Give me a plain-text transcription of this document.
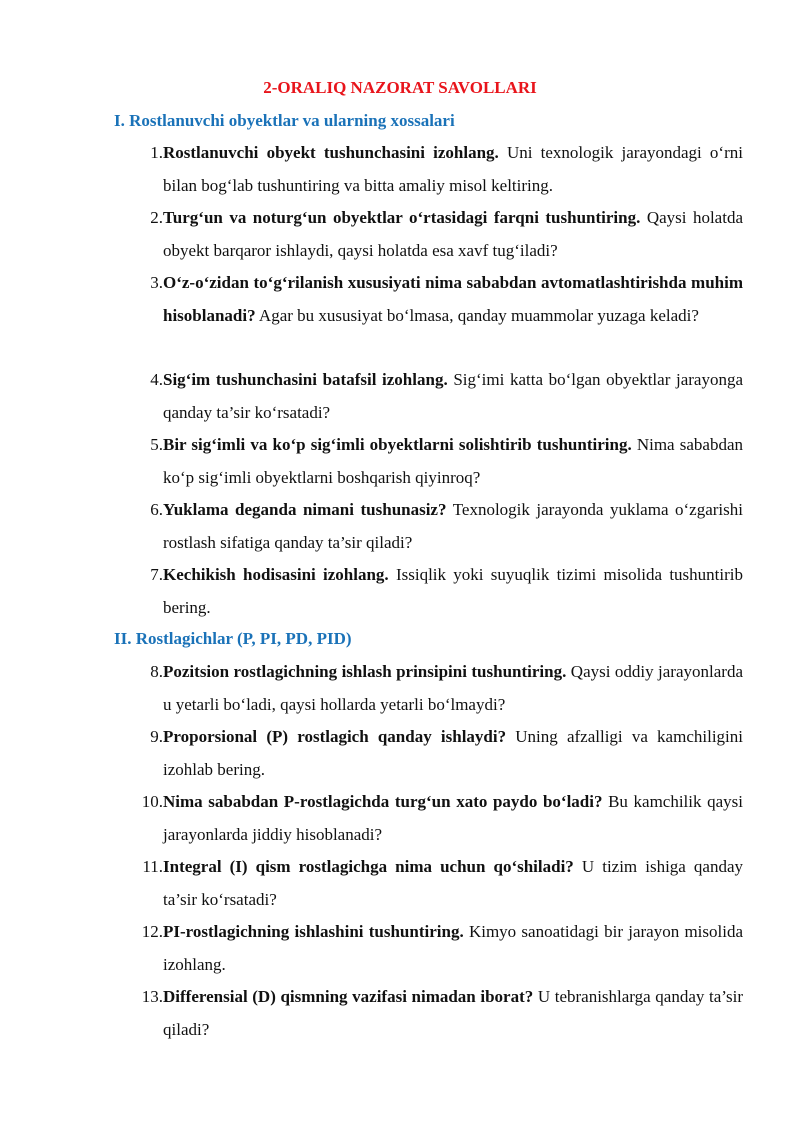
2-ORALIQ NAZORAT SAVOLLARI
I. Rostlanuvchi obyektlar va ularning xossalari
1. Rostlanuvchi obyekt tushunchasini izohlang. Uni texnologik jarayondagi o‘rni bilan bog‘lab tushuntiring va bitta amaliy misol keltiring.
2. Turg‘un va noturg‘un obyektlar o‘rtasidagi farqni tushuntiring. Qaysi holatda obyekt barqaror ishlaydi, qaysi holatda esa xavf tug‘iladi?
3. O‘z-o‘zidan to‘g‘rilanish xususiyati nima sababdan avtomatlashtirishda muhim hisoblanadi? Agar bu xususiyat bo‘lmasa, qanday muammolar yuzaga keladi?
4. Sig‘im tushunchasini batafsil izohlang. Sig‘imi katta bo‘lgan obyektlar jarayonga qanday ta’sir ko‘rsatadi?
5. Bir sig‘imli va ko‘p sig‘imli obyektlarni solishtirib tushuntiring. Nima sababdan ko‘p sig‘imli obyektlarni boshqarish qiyinroq?
6. Yuklama deganda nimani tushunasiz? Texnologik jarayonda yuklama o‘zgarishi rostlash sifatiga qanday ta’sir qiladi?
7. Kechikish hodisasini izohlang. Issiqlik yoki suyuqlik tizimi misolida tushuntirib bering.
II. Rostlagichlar (P, PI, PD, PID)
8. Pozitsion rostlagichning ishlash prinsipini tushuntiring. Qaysi oddiy jarayonlarda u yetarli bo‘ladi, qaysi hollarda yetarli bo‘lmaydi?
9. Proporsional (P) rostlagich qanday ishlaydi? Uning afzalligi va kamchiligini izohlab bering.
10. Nima sababdan P-rostlagichda turg‘un xato paydo bo‘ladi? Bu kamchilik qaysi jarayonlarda jiddiy hisoblanadi?
11. Integral (I) qism rostlagichga nima uchun qo‘shiladi? U tizim ishiga qanday ta’sir ko‘rsatadi?
12. PI-rostlagichning ishlashini tushuntiring. Kimyo sanoatidagi bir jarayon misolida izohlang.
13. Differensial (D) qismning vazifasi nimadan iborat? U tebranishlarga qanday ta’sir qiladi?
